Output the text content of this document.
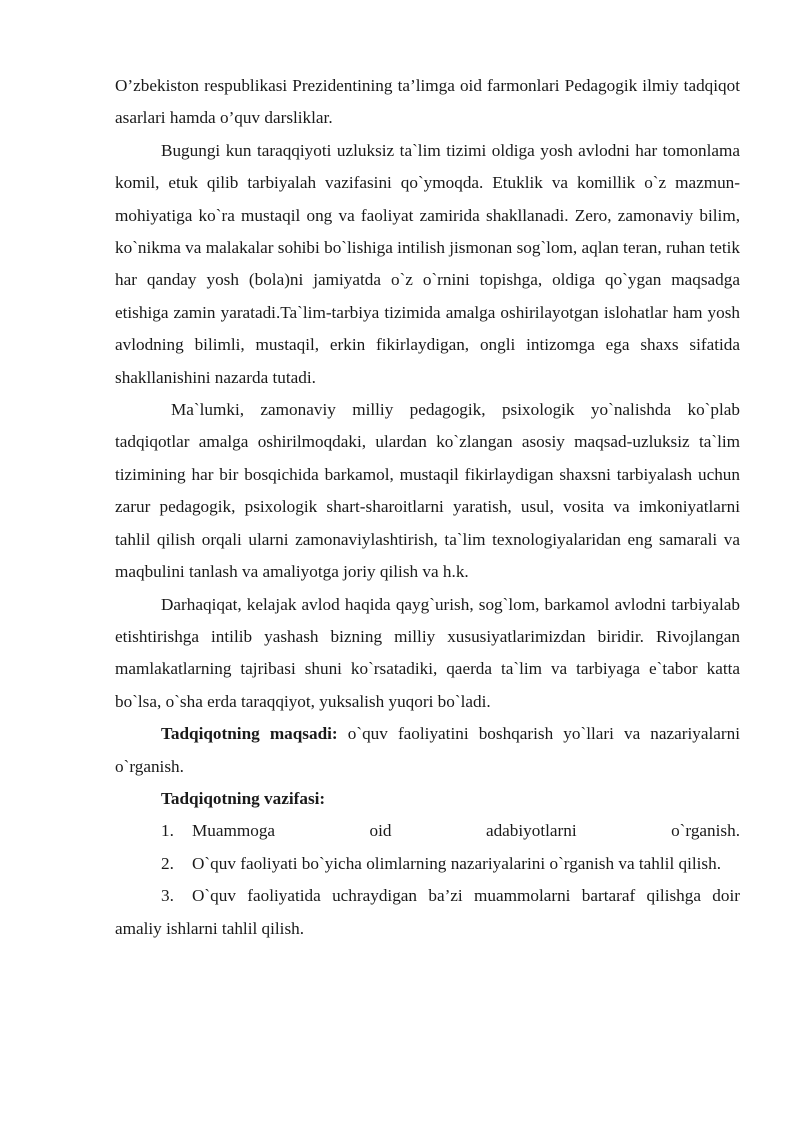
O’zbekiston respublikasi Prezidentining ta’limga oid farmonlari Pedagogik ilmiy tadqiqot asarlari hamda o’quv darsliklar.

Bugungi kun taraqqiyoti uzluksiz ta`lim tizimi oldiga yosh avlodni har tomonlama komil, etuk qilib tarbiyalah vazifasini qo`ymoqda. Etuklik va komillik o`z mazmun-mohiyatiga ko`ra mustaqil ong va faoliyat zamirida shakllanadi. Zero, zamonaviy bilim, ko`nikma va malakalar sohibi bo`lishiga intilish jismonan sog`lom, aqlan teran, ruhan tetik har qanday yosh (bola)ni jamiyatda o`z o`rnini topishga, oldiga qo`ygan maqsadga etishiga zamin yaratadi.Ta`lim-tarbiya tizimida amalga oshirilayotgan islohatlar ham yosh avlodning bilimli, mustaqil, erkin fikirlaydigan, ongli intizomga ega shaxs sifatida shakllanishini nazarda tutadi.

Ma`lumki, zamonaviy milliy pedagogik, psixologik yo`nalishda ko`plab tadqiqotlar amalga oshirilmoqdaki, ulardan ko`zlangan asosiy maqsad-uzluksiz ta`lim tizimining har bir bosqichida barkamol, mustaqil fikirlaydigan shaxsni tarbiyalash uchun zarur pedagogik, psixologik shart-sharoitlarni yaratish, usul, vosita va imkoniyatlarni tahlil qilish orqali ularni zamonaviylashtirish, ta`lim texnologiyalaridan eng samarali va maqbulini tanlash va amaliyotga joriy qilish va h.k.

Darhaqiqat, kelajak avlod haqida qayg`urish, sog`lom, barkamol avlodni tarbiyalab etishtirishga intilib yashash bizning milliy xususiyatlarimizdan biridir. Rivojlangan mamlakatlarning tajribasi shuni ko`rsatadiki, qaerda ta`lim va tarbiyaga e`tabor katta bo`lsa, o`sha erda taraqqiyot, yuksalish yuqori bo`ladi.

Tadqiqotning maqsadi: o`quv faoliyatini boshqarish yo`llari va nazariyalarni o`rganish.

Tadqiqotning vazifasi:

1. Muammoga oid adabiyotlarni o`rganish.

2. O`quv faoliyati bo`yicha olimlarning nazariyalarini o`rganish va tahlil qilish.

3. O`quv faoliyatida uchraydigan ba’zi muammolarni bartaraf qilishga doir amaliy ishlarni tahlil qilish.
